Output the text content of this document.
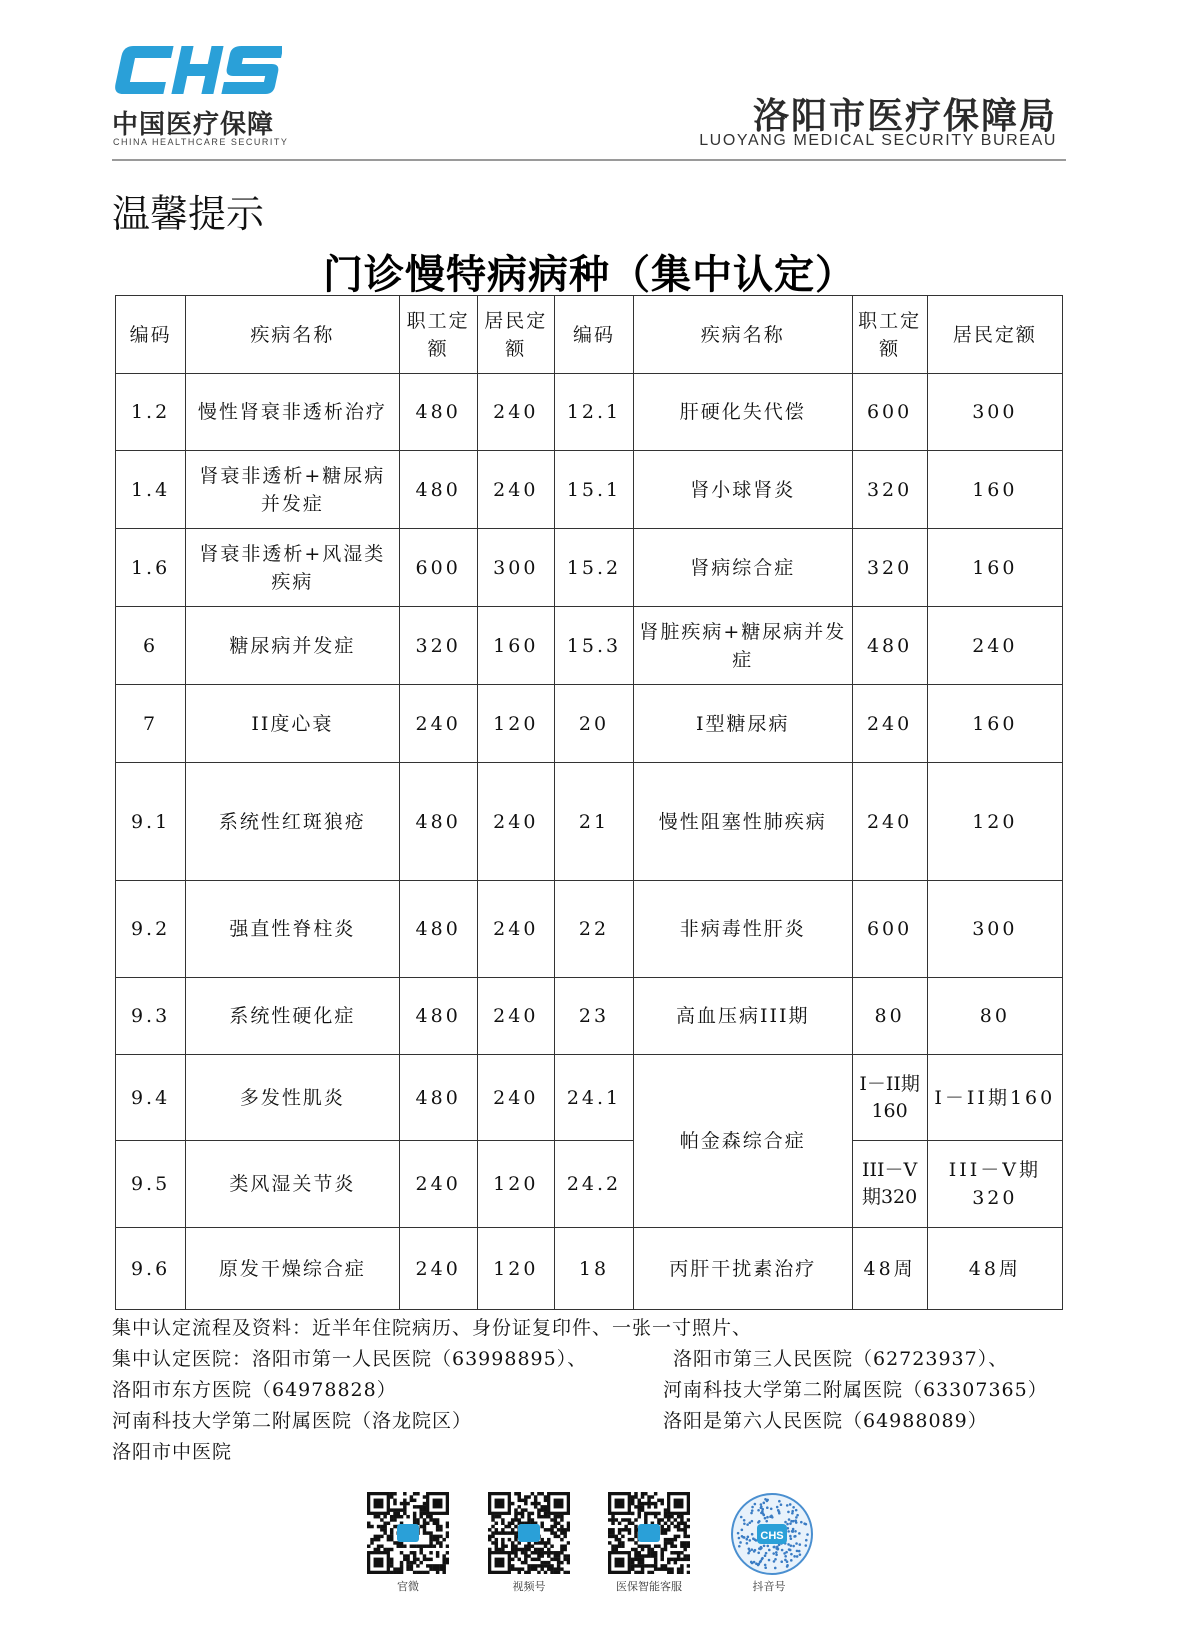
中国医疗保障
CHINA HEALTHCARE SECURITY
洛阳市医疗保障局
LUOYANG MEDICAL SECURITY BUREAU
温馨提示
门诊慢特病病种（集中认定）
编码	疾病名称	职工定额	居民定额	编码	疾病名称	职工定额	居民定额
1.2	慢性肾衰非透析治疗	480	240	12.1	肝硬化失代偿	600	300
1.4	肾衰非透析+糖尿病并发症	480	240	15.1	肾小球肾炎	320	160
1.6	肾衰非透析+风湿类疾病	600	300	15.2	肾病综合症	320	160
6	糖尿病并发症	320	160	15.3	肾脏疾病+糖尿病并发症	480	240
7	II度心衰	240	120	20	I型糖尿病	240	160
9.1	系统性红斑狼疮	480	240	21	慢性阻塞性肺疾病	240	120
9.2	强直性脊柱炎	480	240	22	非病毒性肝炎	600	300
9.3	系统性硬化症	480	240	23	高血压病III期	80	80
9.4	多发性肌炎	480	240	24.1	帕金森综合症	I－II期160	I－II期160
9.5	类风湿关节炎	240	120	24.2		III－V期320	III－V期320
9.6	原发干燥综合症	240	120	18	丙肝干扰素治疗	48周	48周
集中认定流程及资料：近半年住院病历、身份证复印件、一张一寸照片、
集中认定医院：洛阳市第一人民医院（63998895）、	洛阳市第三人民医院（62723937）、
洛阳市东方医院（64978828）	河南科技大学第二附属医院（63307365）
河南科技大学第二附属医院（洛龙院区）	洛阳是第六人民医院（64988089）
洛阳市中医院
官微	视频号	医保智能客服
CHS
抖音号
